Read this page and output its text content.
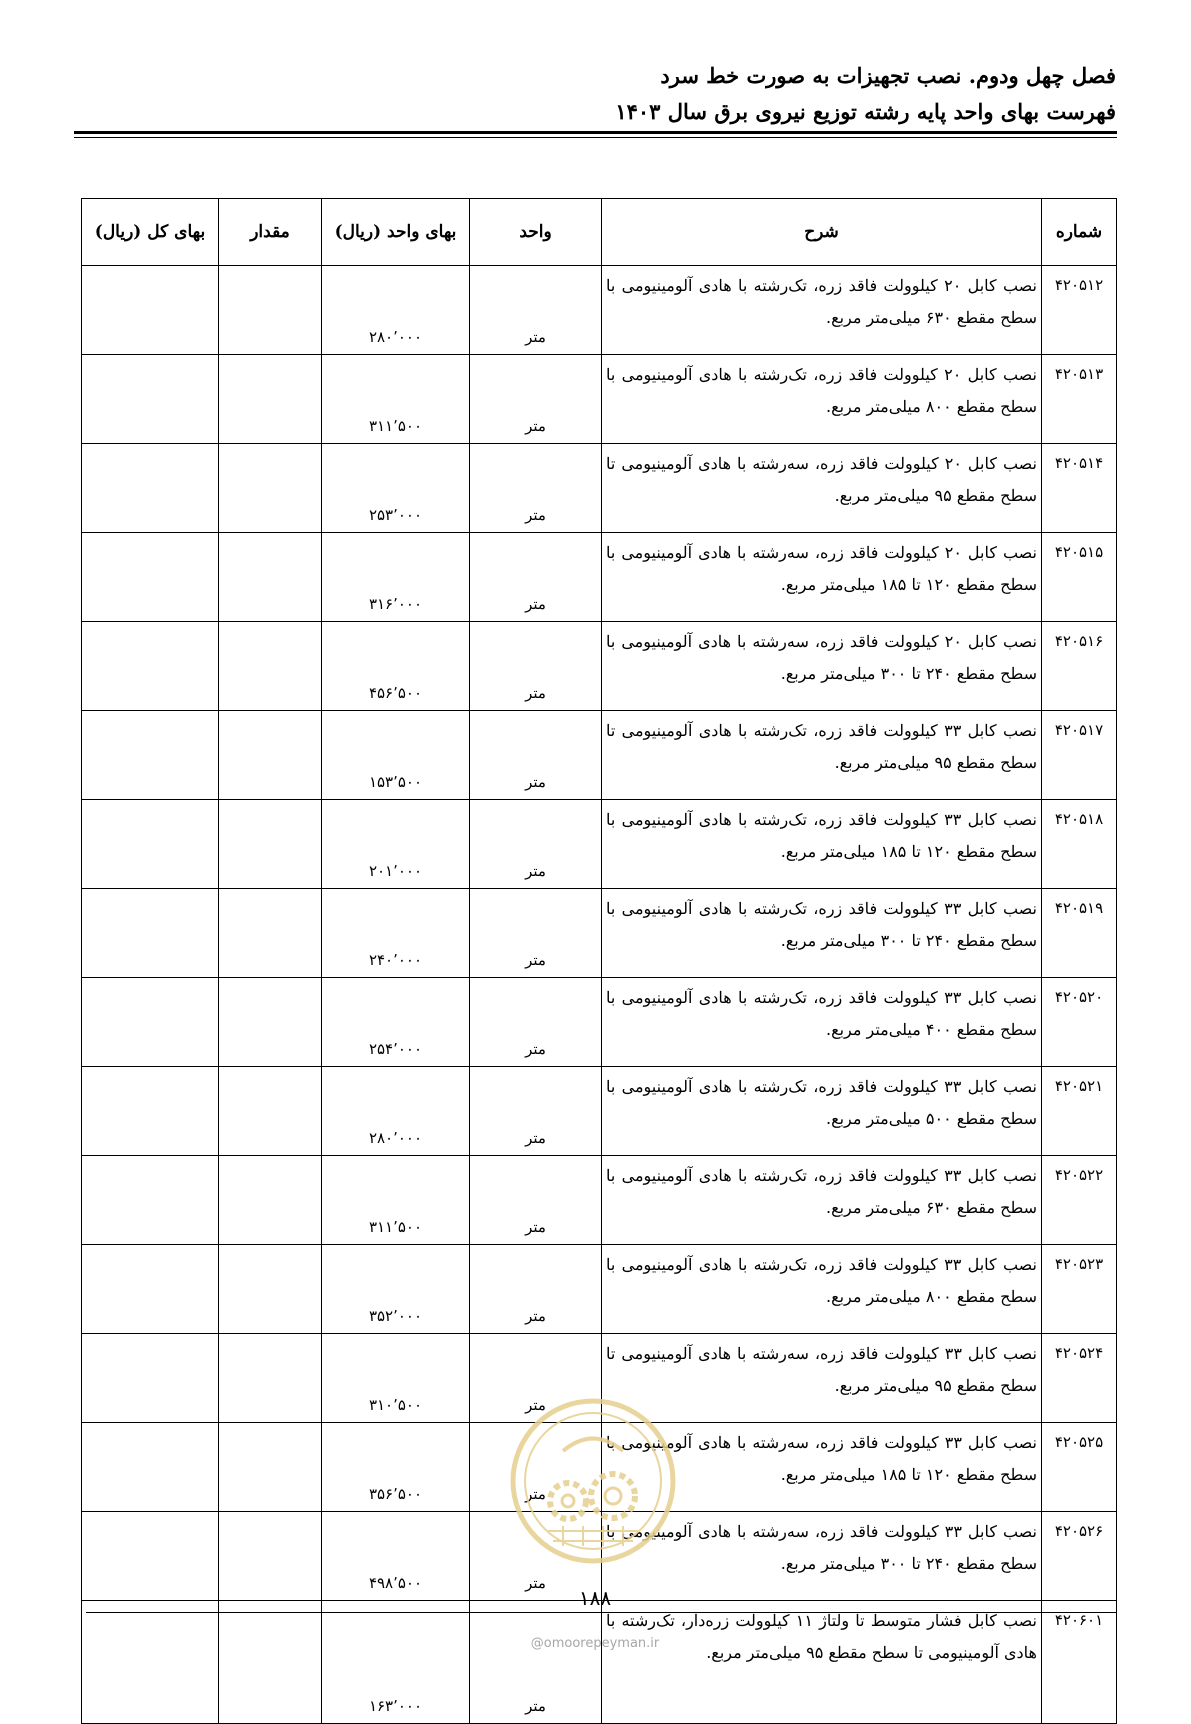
فصل چهل ودوم. نصب تجهیزات به صورت خط سرد
فهرست بهای واحد پایه رشته توزیع نیروی برق سال ۱۴۰۳
شماره	شرح	واحد	بهای واحد (ریال)	مقدار	بهای کل (ریال)
۴۲۰۵۱۲	نصب کابل ۲۰ کیلوولت فاقد زره، تک‌رشته با هادی آلومینیومی با سطح مقطع ۶۳۰ میلی‌متر مربع.	متر	۲۸۰٬۰۰۰		
۴۲۰۵۱۳	نصب کابل ۲۰ کیلوولت فاقد زره، تک‌رشته با هادی آلومینیومی با سطح مقطع ۸۰۰ میلی‌متر مربع.	متر	۳۱۱٬۵۰۰		
۴۲۰۵۱۴	نصب کابل ۲۰ کیلوولت فاقد زره، سه‌رشته با هادی آلومینیومی تا سطح مقطع ۹۵ میلی‌متر مربع.	متر	۲۵۳٬۰۰۰		
۴۲۰۵۱۵	نصب کابل ۲۰ کیلوولت فاقد زره، سه‌رشته با هادی آلومینیومی با سطح مقطع ۱۲۰ تا ۱۸۵ میلی‌متر مربع.	متر	۳۱۶٬۰۰۰		
۴۲۰۵۱۶	نصب کابل ۲۰ کیلوولت فاقد زره، سه‌رشته با هادی آلومینیومی با سطح مقطع ۲۴۰ تا ۳۰۰ میلی‌متر مربع.	متر	۴۵۶٬۵۰۰		
۴۲۰۵۱۷	نصب کابل ۳۳ کیلوولت فاقد زره، تک‌رشته با هادی آلومینیومی تا سطح مقطع ۹۵ میلی‌متر مربع.	متر	۱۵۳٬۵۰۰		
۴۲۰۵۱۸	نصب کابل ۳۳ کیلوولت فاقد زره، تک‌رشته با هادی آلومینیومی با سطح مقطع ۱۲۰ تا ۱۸۵ میلی‌متر مربع.	متر	۲۰۱٬۰۰۰		
۴۲۰۵۱۹	نصب کابل ۳۳ کیلوولت فاقد زره، تک‌رشته با هادی آلومینیومی با سطح مقطع ۲۴۰ تا ۳۰۰ میلی‌متر مربع.	متر	۲۴۰٬۰۰۰		
۴۲۰۵۲۰	نصب کابل ۳۳ کیلوولت فاقد زره، تک‌رشته با هادی آلومینیومی با سطح مقطع ۴۰۰ میلی‌متر مربع.	متر	۲۵۴٬۰۰۰		
۴۲۰۵۲۱	نصب کابل ۳۳ کیلوولت فاقد زره، تک‌رشته با هادی آلومینیومی با سطح مقطع ۵۰۰ میلی‌متر مربع.	متر	۲۸۰٬۰۰۰		
۴۲۰۵۲۲	نصب کابل ۳۳ کیلوولت فاقد زره، تک‌رشته با هادی آلومینیومی با سطح مقطع ۶۳۰ میلی‌متر مربع.	متر	۳۱۱٬۵۰۰		
۴۲۰۵۲۳	نصب کابل ۳۳ کیلوولت فاقد زره، تک‌رشته با هادی آلومینیومی با سطح مقطع ۸۰۰ میلی‌متر مربع.	متر	۳۵۲٬۰۰۰		
۴۲۰۵۲۴	نصب کابل ۳۳ کیلوولت فاقد زره، سه‌رشته با هادی آلومینیومی تا سطح مقطع ۹۵ میلی‌متر مربع.	متر	۳۱۰٬۵۰۰		
۴۲۰۵۲۵	نصب کابل ۳۳ کیلوولت فاقد زره، سه‌رشته با هادی آلومینیومی با سطح مقطع ۱۲۰ تا ۱۸۵ میلی‌متر مربع.	متر	۳۵۶٬۵۰۰		
۴۲۰۵۲۶	نصب کابل ۳۳ کیلوولت فاقد زره، سه‌رشته با هادی آلومینیومی با سطح مقطع ۲۴۰ تا ۳۰۰ میلی‌متر مربع.	متر	۴۹۸٬۵۰۰		
۴۲۰۶۰۱	نصب کابل فشار متوسط تا ولتاژ ۱۱ کیلوولت زره‌دار، تک‌رشته با هادی آلومینیومی تا سطح مقطع ۹۵ میلی‌متر مربع.	متر	۱۶۳٬۰۰۰		
۱۸۸
@omoorepeyman.ir
